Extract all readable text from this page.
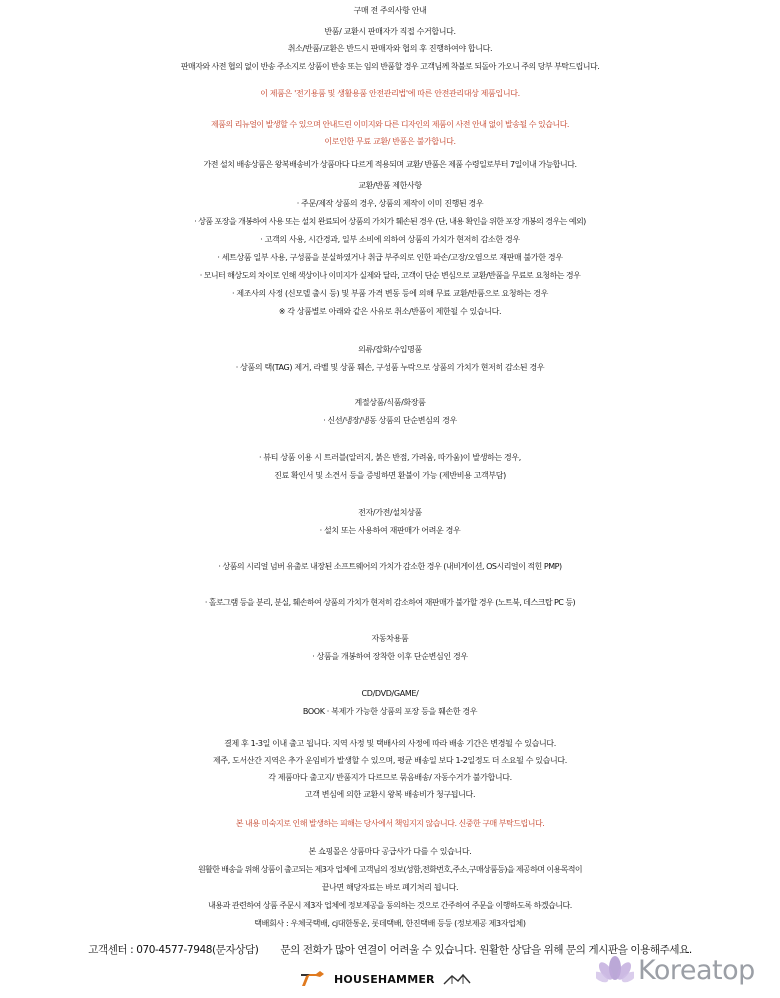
구매 전 주의사항 안내
반품/ 교환시 판매자가 직접 수거합니다.
취소/반품/교환은 반드시 판매자와 협의 후 진행하여야 합니다.
판매자와 사전 협의 없이 반송 주소지로 상품이 반송 또는 임의 반품할 경우 고객님께 착불로 되돌아 가오니 주의 당부 부탁드립니다.
이 제품은 '전기용품 및 생활용품 안전관리법'에 따른 안전관리대상 제품입니다.
제품의 리뉴얼이 발생할 수 있으며 안내드린 이미지와 다른 디자인의 제품이 사전 안내 없이 발송될 수 있습니다.
이로인한 무료 교환/ 반품은 불가합니다.
가전 설치 배송상품은 왕복배송비가 상품마다 다르게 적용되며 교환/ 반품은 제품 수령일로부터 7일이내 가능합니다.
교환/반품 제한사항
· 주문/제작 상품의 경우, 상품의 제작이 이미 진행된 경우
· 상품 포장을 개봉하여 사용 또는 설치 완료되어 상품의 가치가 훼손된 경우 (단, 내용 확인을 위한 포장 개봉의 경우는 예외)
· 고객의 사용, 시간경과, 일부 소비에 의하여 상품의 가치가 현저히 감소한 경우
· 세트상품 일부 사용, 구성품을 분실하였거나 취급 부주의로 인한 파손/고장/오염으로 재판매 불가한 경우
· 모니터 해상도의 차이로 인해 색상이나 이미지가 실제와 달라, 고객이 단순 변심으로 교환/반품을 무료로 요청하는 경우
· 제조사의 사정 (신모델 출시 등) 및 부품 가격 변동 등에 의해 무료 교환/반품으로 요청하는 경우
※ 각 상품별로 아래와 같은 사유로 취소/반품이 제한될 수 있습니다.
의류/잡화/수입명품
· 상품의 택(TAG) 제거, 라벨 및 상품 훼손, 구성품 누락으로 상품의 가치가 현저히 감소된 경우
계절상품/식품/화장품
· 신선/냉장/냉동 상품의 단순변심의 경우
· 뷰티 상품 이용 시 트러블(알러지, 붉은 반점, 가려움, 따가움)이 발생하는 경우,
진료 확인서 및 소견서 등을 증빙하면 환불이 가능 (제반비용 고객부담)
전자/가전/설치상품
· 설치 또는 사용하여 재판매가 어려운 경우
· 상품의 시리얼 넘버 유출로 내장된 소프트웨어의 가치가 감소한 경우 (내비게이션, OS시리얼이 적힌 PMP)
· 홀로그램 등을 분리, 분실, 훼손하여 상품의 가치가 현저히 감소하여 재판매가 불가할 경우 (노트북, 데스크탑 PC 등)
자동차용품
· 상품을 개봉하여 장착한 이후 단순변심인 경우
CD/DVD/GAME/
BOOK · 복제가 가능한 상품의 포장 등을 훼손한 경우
결제 후 1-3일 이내 출고 됩니다. 지역 사정 및 택배사의 사정에 따라 배송 기간은 변경될 수 있습니다.
제주, 도서산간 지역은 추가 운임비가 발생할 수 있으며, 평균 배송일 보다 1-2일정도 더 소요될 수 있습니다.
각 제품마다 출고지/ 반품지가 다르므로 묶음배송/ 자동수거가 불가합니다.
고객 변심에 의한 교환시 왕복 배송비가 청구됩니다.
본 내용 미숙지로 인해 발생하는 피해는 당사에서 책임지지 않습니다. 신중한 구매 부탁드립니다.
본 쇼핑몰은 상품마다 공급사가 다를 수 있습니다.
원활한 배송을 위해 상품이 출고되는 제3자 업체에 고객님의 정보(성함,전화번호,주소,구매상품등)을 제공하며 이용목적이
끝나면 해당자료는 바로 폐기처리 됩니다.
내용과 관련하여 상품 주문시 제3자 업체에 정보제공을 동의하는 것으로 간주하여 주문을 이행하도록 하겠습니다.
택배회사 : 우체국택배, cj대한통운, 롯데택배, 한진택배 등등 (정보제공 제3자업체)
고객센터 : 070-4577-7948(문자상담) 문의 전화가 많아 연결이 어려울 수 있습니다. 원활한 상담을 위해 문의 게시판을 이용해주세요.
HOUSEHAMMER	Koreatop
